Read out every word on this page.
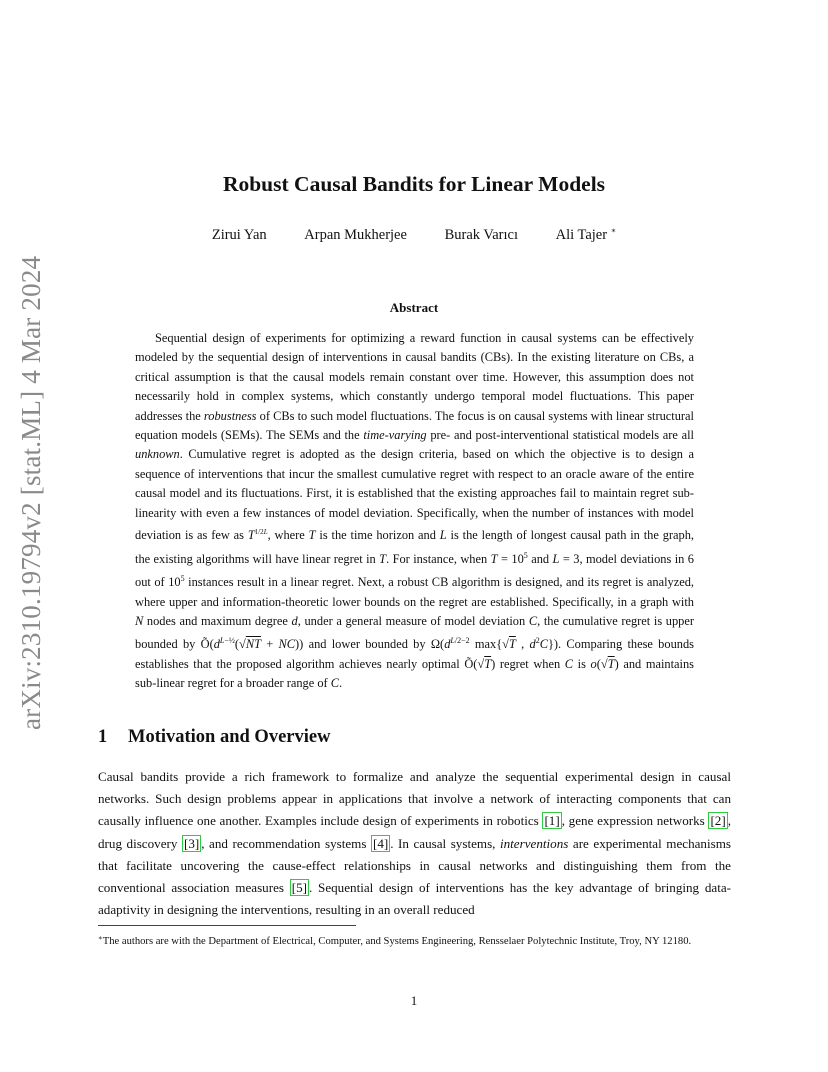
arXiv:2310.19794v2 [stat.ML] 4 Mar 2024
Robust Causal Bandits for Linear Models
Zirui Yan	Arpan Mukherjee	Burak Varıcı	Ali Tajer ∗
Abstract

Sequential design of experiments for optimizing a reward function in causal systems can be effectively modeled by the sequential design of interventions in causal bandits (CBs). In the existing literature on CBs, a critical assumption is that the causal models remain constant over time. However, this assumption does not necessarily hold in complex systems, which constantly undergo temporal model fluctuations. This paper addresses the robustness of CBs to such model fluctuations. The focus is on causal systems with linear structural equation models (SEMs). The SEMs and the time-varying pre- and post-interventional statistical models are all unknown. Cumulative regret is adopted as the design criteria, based on which the objective is to design a sequence of interventions that incur the smallest cumulative regret with respect to an oracle aware of the entire causal model and its fluctuations. First, it is established that the existing approaches fail to maintain regret sub-linearity with even a few instances of model deviation. Specifically, when the number of instances with model deviation is as few as $T^{1/2L}$, where T is the time horizon and L is the length of longest causal path in the graph, the existing algorithms will have linear regret in T. For instance, when $T = 10^5$ and L = 3, model deviations in 6 out of $10^5$ instances result in a linear regret. Next, a robust CB algorithm is designed, and its regret is analyzed, where upper and information-theoretic lower bounds on the regret are established. Specifically, in a graph with N nodes and maximum degree d, under a general measure of model deviation C, the cumulative regret is upper bounded by $Õ(d^{L-\frac{1}{2}}(√NT + NC))$ and lower bounded by $\Omega(d^{L/2-2}$ max{√T , $d^2C$}). Comparing these bounds establishes that the proposed algorithm achieves nearly optimal Õ(√T) regret when C is o(√T) and maintains sub-linear regret for a broader range of C.

1 Motivation and Overview

Causal bandits provide a rich framework to formalize and analyze the sequential experimental design in causal networks. Such design problems appear in applications that involve a network of interacting components that can causally influence one another. Examples include design of experiments in robotics [1] , gene expression networks [2] , drug discovery [3] , and recommendation systems [4] . In causal systems, interventions are experimental mechanisms that facilitate uncovering the cause-effect relationships in causal networks and distinguishing them from the conventional association measures [5] . Sequential design of interventions has the key advantage of bringing data-adaptivity in designing the interventions, resulting in an overall reduced

∗The authors are with the Department of Electrical, Computer, and Systems Engineering, Rensselaer Polytechnic Institute, Troy, NY 12180.
1
